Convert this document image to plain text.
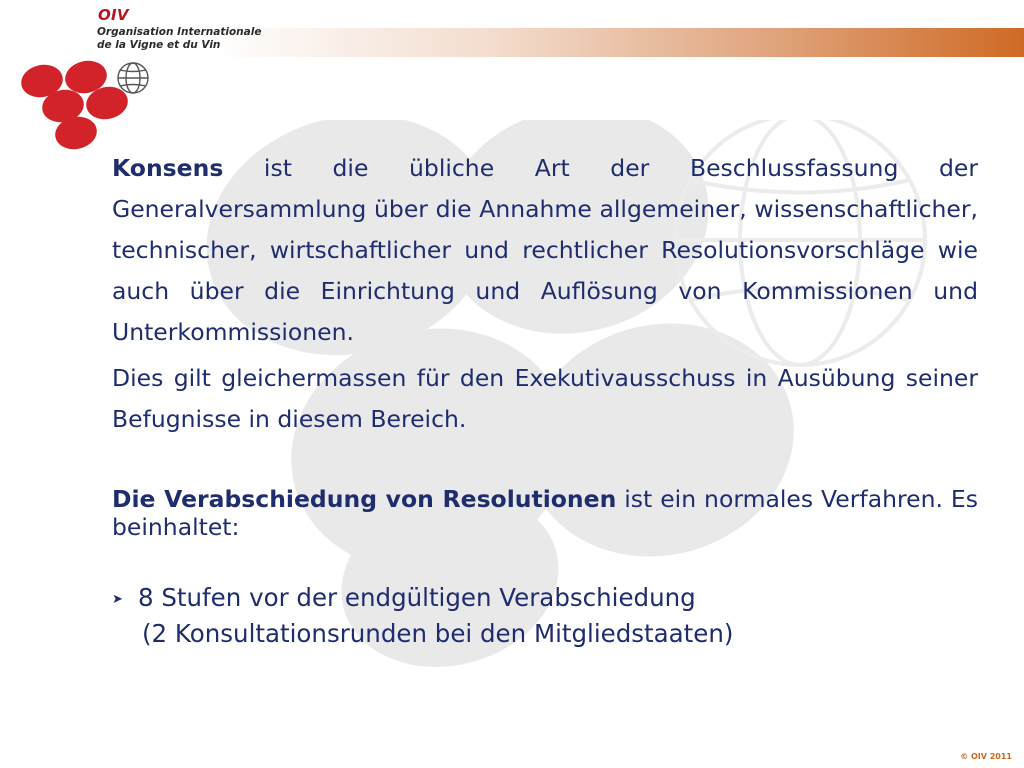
OIV
Organisation Internationale
de la Vigne et du Vin

Konsens ist die übliche Art der Beschlussfassung der Generalversammlung über die Annahme allgemeiner, wissenschaftlicher, technischer, wirtschaftlicher und rechtlicher Resolutionsvorschläge wie auch über die Einrichtung und Auflösung von Kommissionen und Unterkommissionen.

Dies gilt gleichermassen für den Exekutivausschuss in Ausübung seiner Befugnisse in diesem Bereich.

Die Verabschiedung von Resolutionen ist ein normales Verfahren. Es beinhaltet:

➤ 8 Stufen vor der endgültigen Verabschiedung
(2 Konsultationsrunden bei den Mitgliedstaaten)
© OIV 2011
